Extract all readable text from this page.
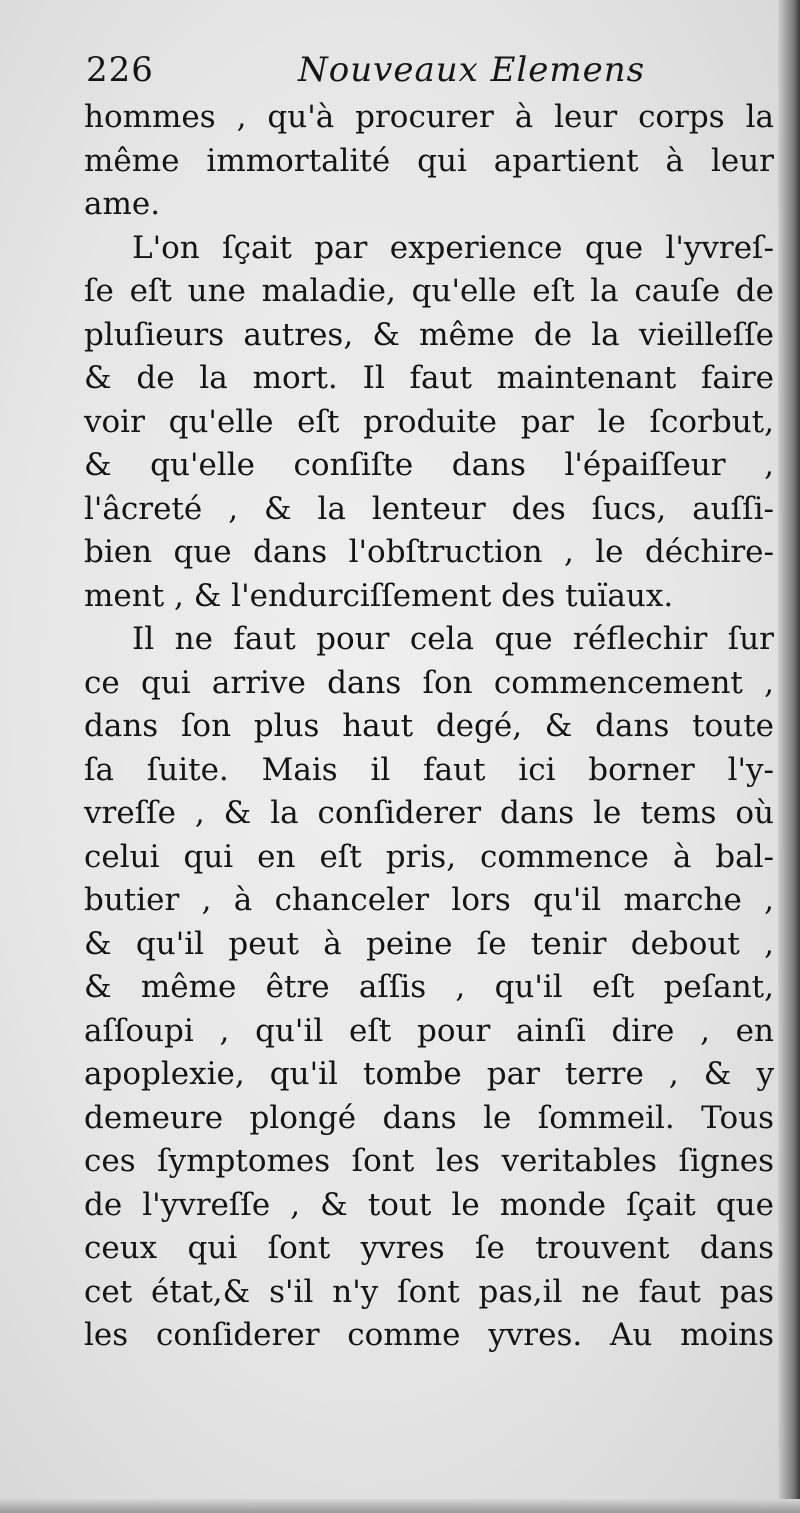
226	Nouveaux Elemens
hommes , qu'à procurer à leur corps la
même immortalité qui apartient à leur
ame.
L'on ſçait par experience que l'yvreſ-
ſe eſt une maladie, qu'elle eſt la cauſe de
pluſieurs autres, & même de la vieilleſſe
& de la mort. Il faut maintenant faire
voir qu'elle eſt produite par le ſcorbut,
& qu'elle conſiſte dans l'épaiſſeur ,
l'âcreté , & la lenteur des ſucs, auſſi-
bien que dans l'obſtruction , le déchire-
ment , & l'endurciſſement des tuïaux.
Il ne faut pour cela que réflechir ſur
ce qui arrive dans ſon commencement ,
dans ſon plus haut degé, & dans toute
ſa ſuite. Mais il faut ici borner l'y-
vreſſe , & la conſiderer dans le tems où
celui qui en eſt pris, commence à bal-
butier , à chanceler lors qu'il marche ,
& qu'il peut à peine ſe tenir debout ,
& même être aſſis , qu'il eſt peſant,
aſſoupi , qu'il eſt pour ainſi dire , en
apoplexie, qu'il tombe par terre , & y
demeure plongé dans le ſommeil. Tous
ces ſymptomes ſont les veritables ſignes
de l'yvreſſe , & tout le monde ſçait que
ceux qui ſont yvres ſe trouvent dans
cet état,& s'il n'y ſont pas,il ne faut pas
les conſiderer comme yvres. Au moins
